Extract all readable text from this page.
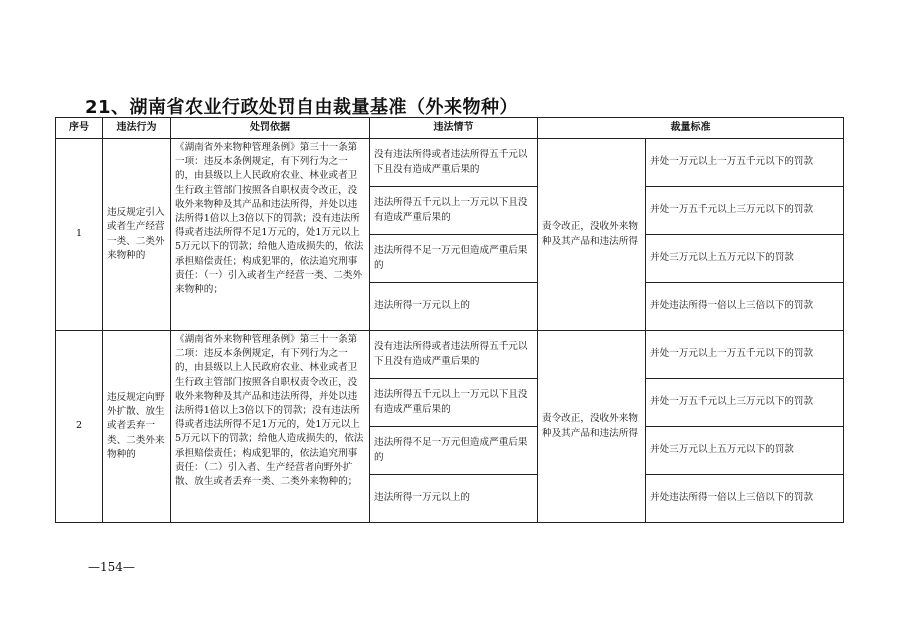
21、湖南省农业行政处罚自由裁量基准（外来物种）
序号	违法行为	处罚依据	违法情节	裁量标准	
1	违反规定引入或者生产经营一类、二类外来物种的	《湖南省外来物种管理条例》第三十一条第一项：违反本条例规定，有下列行为之一的，由县级以上人民政府农业、林业或者卫生行政主管部门按照各自职权责令改正，没收外来物种及其产品和违法所得，并处以违法所得1倍以上3倍以下的罚款；没有违法所得或者违法所得不足1万元的，处1万元以上5万元以下的罚款；给他人造成损失的，依法承担赔偿责任；构成犯罪的，依法追究刑事责任：（一）引入或者生产经营一类、二类外来物种的；	没有违法所得或者违法所得五千元以下且没有造成严重后果的	责令改正，没收外来物种及其产品和违法所得	并处一万元以上一万五千元以下的罚款
			违法所得五千元以上一万元以下且没有造成严重后果的		并处一万五千元以上三万元以下的罚款
			违法所得不足一万元但造成严重后果的		并处三万元以上五万元以下的罚款
			违法所得一万元以上的		并处违法所得一倍以上三倍以下的罚款
2	违反规定向野外扩散、放生或者丢弃一类、二类外来物种的	《湖南省外来物种管理条例》第三十一条第二项：违反本条例规定，有下列行为之一的，由县级以上人民政府农业、林业或者卫生行政主管部门按照各自职权责令改正，没收外来物种及其产品和违法所得，并处以违法所得1倍以上3倍以下的罚款；没有违法所得或者违法所得不足1万元的，处1万元以上5万元以下的罚款；给他人造成损失的，依法承担赔偿责任；构成犯罪的，依法追究刑事责任：（二）引入者、生产经营者向野外扩散、放生或者丢弃一类、二类外来物种的；	没有违法所得或者违法所得五千元以下且没有造成严重后果的	责令改正，没收外来物种及其产品和违法所得	并处一万元以上一万五千元以下的罚款
			违法所得五千元以上一万元以下且没有造成严重后果的		并处一万五千元以上三万元以下的罚款
			违法所得不足一万元但造成严重后果的		并处三万元以上五万元以下的罚款
			违法所得一万元以上的		并处违法所得一倍以上三倍以下的罚款
—154—
